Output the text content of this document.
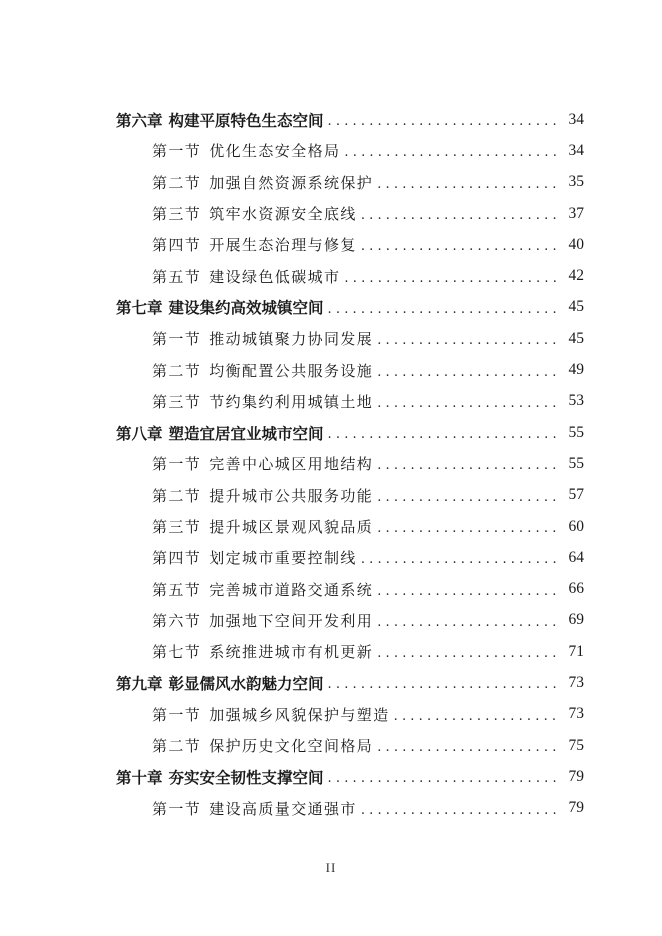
第六章 构建平原特色生态空间 .....	34
第一节 优化生态安全格局 .....	34
第二节 加强自然资源系统保护 .....	35
第三节 筑牢水资源安全底线 .....	37
第四节 开展生态治理与修复 .....	40
第五节 建设绿色低碳城市 .....	42
第七章 建设集约高效城镇空间 .....	45
第一节 推动城镇聚力协同发展 .....	45
第二节 均衡配置公共服务设施 .....	49
第三节 节约集约利用城镇土地 .....	53
第八章 塑造宜居宜业城市空间 .....	55
第一节 完善中心城区用地结构 .....	55
第二节 提升城市公共服务功能 .....	57
第三节 提升城区景观风貌品质 .....	60
第四节 划定城市重要控制线 .....	64
第五节 完善城市道路交通系统 .....	66
第六节 加强地下空间开发利用 .....	69
第七节 系统推进城市有机更新 .....	71
第九章 彰显儒风水韵魅力空间 .....	73
第一节 加强城乡风貌保护与塑造 .....	73
第二节 保护历史文化空间格局 .....	75
第十章 夯实安全韧性支撑空间 .....	79
第一节 建设高质量交通强市 .....	79
II
